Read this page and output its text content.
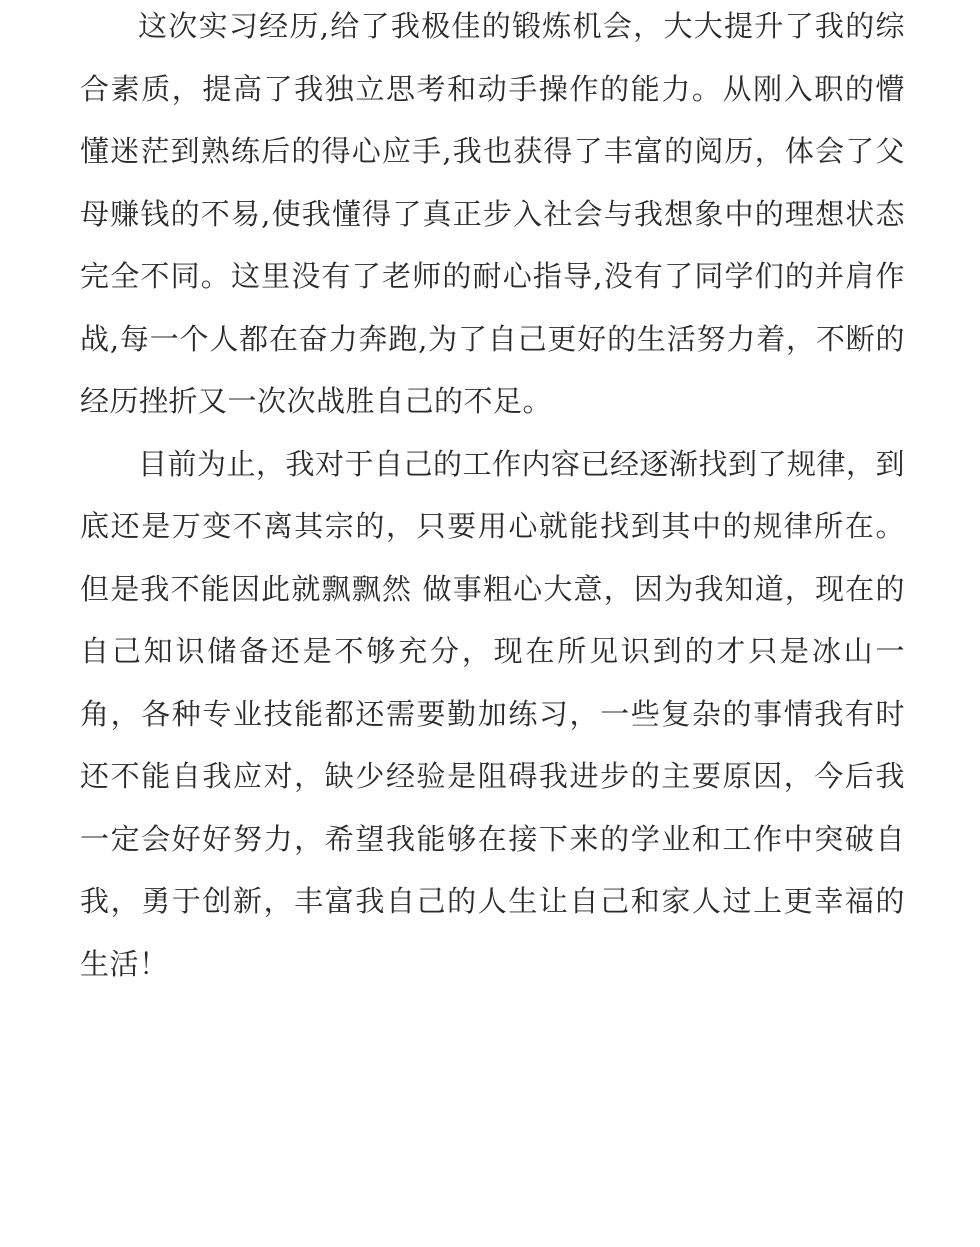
这次实习经历,给了我极佳的锻炼机会，大大提升了我的综合素质，提高了我独立思考和动手操作的能力。从刚入职的懵懂迷茫到熟练后的得心应手,我也获得了丰富的阅历，体会了父母赚钱的不易,使我懂得了真正步入社会与我想象中的理想状态完全不同。这里没有了老师的耐心指导,没有了同学们的并肩作战,每一个人都在奋力奔跑,为了自己更好的生活努力着，不断的经历挫折又一次次战胜自己的不足。

目前为止，我对于自己的工作内容已经逐渐找到了规律，到底还是万变不离其宗的，只要用心就能找到其中的规律所在。但是我不能因此就飘飘然 做事粗心大意，因为我知道，现在的自己知识储备还是不够充分，现在所见识到的才只是冰山一角，各种专业技能都还需要勤加练习，一些复杂的事情我有时还不能自我应对，缺少经验是阻碍我进步的主要原因，今后我一定会好好努力，希望我能够在接下来的学业和工作中突破自我，勇于创新，丰富我自己的人生让自己和家人过上更幸福的生活！
